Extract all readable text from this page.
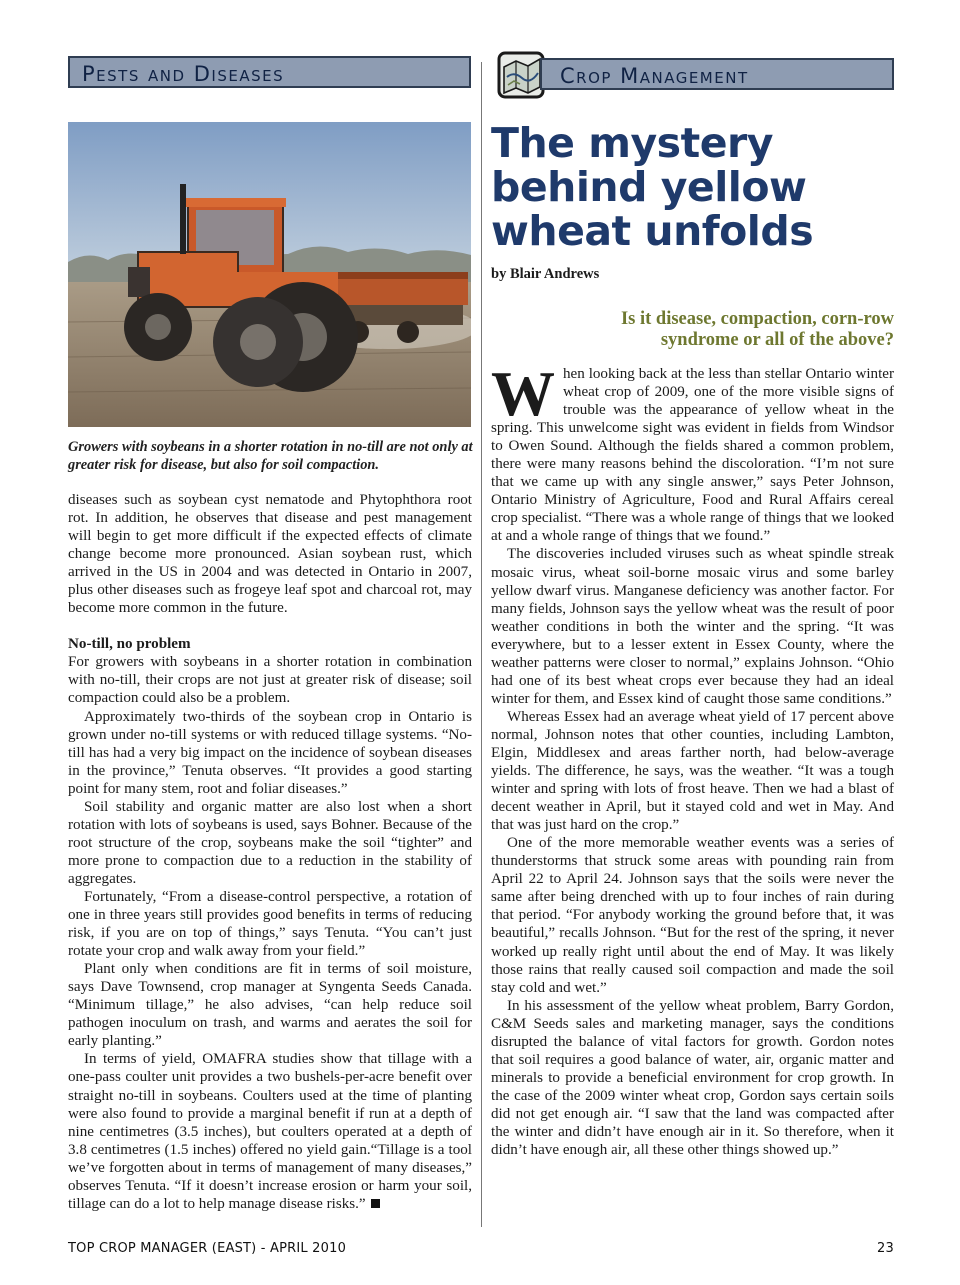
Pests and Diseases	Crop Management
Growers with soybeans in a shorter rotation in no-till are not only at greater risk for disease, but also for soil compaction.

diseases such as soybean cyst nematode and Phytophthora root rot. In addition, he observes that disease and pest management will begin to get more difficult if the expected effects of climate change become more pronounced. Asian soybean rust, which arrived in the US in 2004 and was detected in Ontario in 2007, plus other diseases such as frogeye leaf spot and charcoal rot, may become more common in the future.

No-till, no problem

For growers with soybeans in a shorter rotation in combination with no-till, their crops are not just at greater risk of disease; soil compaction could also be a problem.

Approximately two-thirds of the soybean crop in Ontario is grown under no-till systems or with reduced tillage systems. “No-till has had a very big impact on the incidence of soybean diseases in the province,” Tenuta observes. “It provides a good starting point for many stem, root and foliar diseases.”

Soil stability and organic matter are also lost when a short rotation with lots of soybeans is used, says Bohner. Because of the root structure of the crop, soybeans make the soil “tighter” and more prone to compaction due to a reduction in the stability of aggregates.

Fortunately, “From a disease-control perspective, a rotation of one in three years still provides good benefits in terms of reducing risk, if you are on top of things,” says Tenuta. “You can’t just rotate your crop and walk away from your field.”

Plant only when conditions are fit in terms of soil moisture, says Dave Townsend, crop manager at Syngenta Seeds Canada. “Minimum tillage,” he also advises, “can help reduce soil pathogen inoculum on trash, and warms and aerates the soil for early planting.”

In terms of yield, OMAFRA studies show that tillage with a one-pass coulter unit provides a two bushels-per-acre benefit over straight no-till in soybeans. Coulters used at the time of planting were also found to provide a marginal benefit if run at a depth of nine centimetres (3.5 inches), but coulters operated at a depth of 3.8 centimetres (1.5 inches) offered no yield gain.“Tillage is a tool we’ve forgotten about in terms of management of many diseases,” observes Tenuta. “If it doesn’t increase erosion or harm your soil, tillage can do a lot to help manage disease risks.”

The mystery behind yellow wheat unfolds
by Blair Andrews
Is it disease, compaction, corn-row syndrome or all of the above?

When looking back at the less than stellar Ontario winter wheat crop of 2009, one of the more visible signs of trouble was the appearance of yellow wheat in the spring. This unwelcome sight was evident in fields from Windsor to Owen Sound. Although the fields shared a common problem, there were many reasons behind the discoloration. “I’m not sure that we came up with any single answer,” says Peter Johnson, Ontario Ministry of Agriculture, Food and Rural Affairs cereal crop specialist. “There was a whole range of things that we looked at and a whole range of things that we found.”

The discoveries included viruses such as wheat spindle streak mosaic virus, wheat soil-borne mosaic virus and some barley yellow dwarf virus. Manganese deficiency was another factor. For many fields, Johnson says the yellow wheat was the result of poor weather conditions in both the winter and the spring. “It was everywhere, but to a lesser extent in Essex County, where the weather patterns were closer to normal,” explains Johnson. “Ohio had one of its best wheat crops ever because they had an ideal winter for them, and Essex kind of caught those same conditions.”

Whereas Essex had an average wheat yield of 17 percent above normal, Johnson notes that other counties, including Lambton, Elgin, Middlesex and areas farther north, had below-average yields. The difference, he says, was the weather. “It was a tough winter and spring with lots of frost heave. Then we had a blast of decent weather in April, but it stayed cold and wet in May. And that was just hard on the crop.”

One of the more memorable weather events was a series of thunderstorms that struck some areas with pounding rain from April 22 to April 24. Johnson says that the soils were never the same after being drenched with up to four inches of rain during that period. “For anybody working the ground before that, it was beautiful,” recalls Johnson. “But for the rest of the spring, it never worked up really right until about the end of May. It was likely those rains that really caused soil compaction and made the soil stay cold and wet.”

In his assessment of the yellow wheat problem, Barry Gordon, C&M Seeds sales and marketing manager, says the conditions disrupted the balance of vital factors for growth. Gordon notes that soil requires a good balance of water, air, organic matter and minerals to provide a beneficial environment for crop growth. In the case of the 2009 winter wheat crop, Gordon says certain soils did not get enough air. “I saw that the land was compacted after the winter and didn’t have enough air in it. So therefore, when it didn’t have enough air, all these other things showed up.”

TOP CROP MANAGER (EAST) - APRIL 2010	23
